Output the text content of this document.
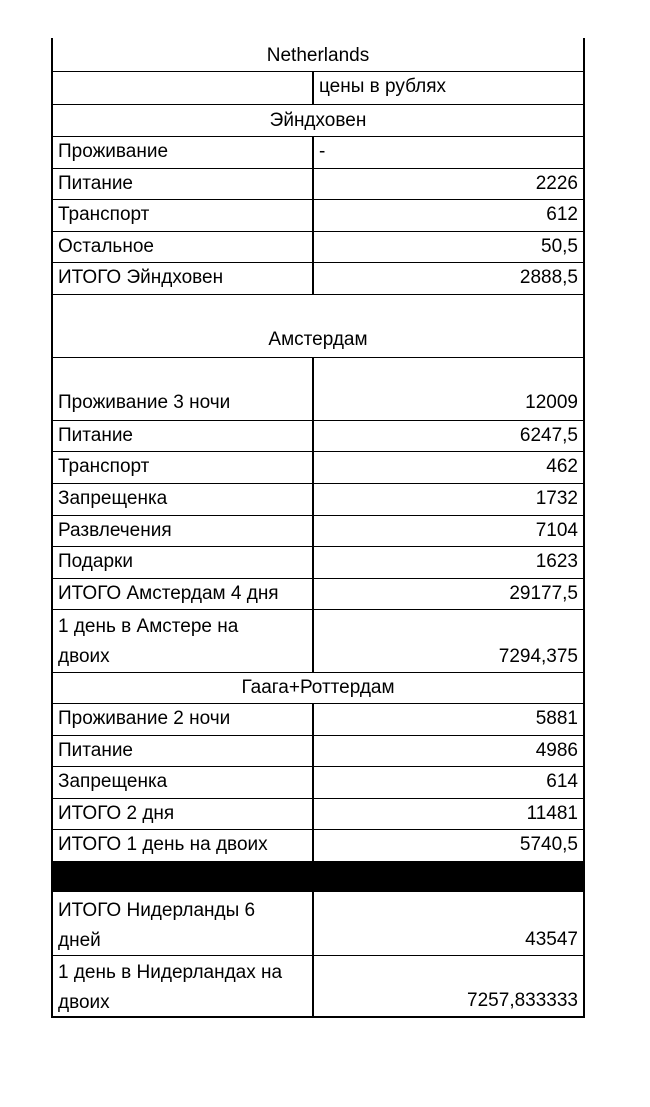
Netherlands
цены в рублях
Эйндховен
Проживание	-
Питание	2226
Транспорт	612
Остальное	50,5
ИТОГО Эйндховен	2888,5
Амстердам
Проживание 3 ночи	12009
Питание	6247,5
Транспорт	462
Запрещенка	1732
Развлечения	7104
Подарки	1623
ИТОГО Амстердам 4 дня	29177,5
1 день в Амстере на
двоих	7294,375
Гаага+Роттердам
Проживание 2 ночи	5881
Питание	4986
Запрещенка	614
ИТОГО 2 дня	11481
ИТОГО 1 день на двоих	5740,5
ИТОГО Нидерланды 6
дней	43547
1 день в Нидерландах на
двоих	7257,833333
